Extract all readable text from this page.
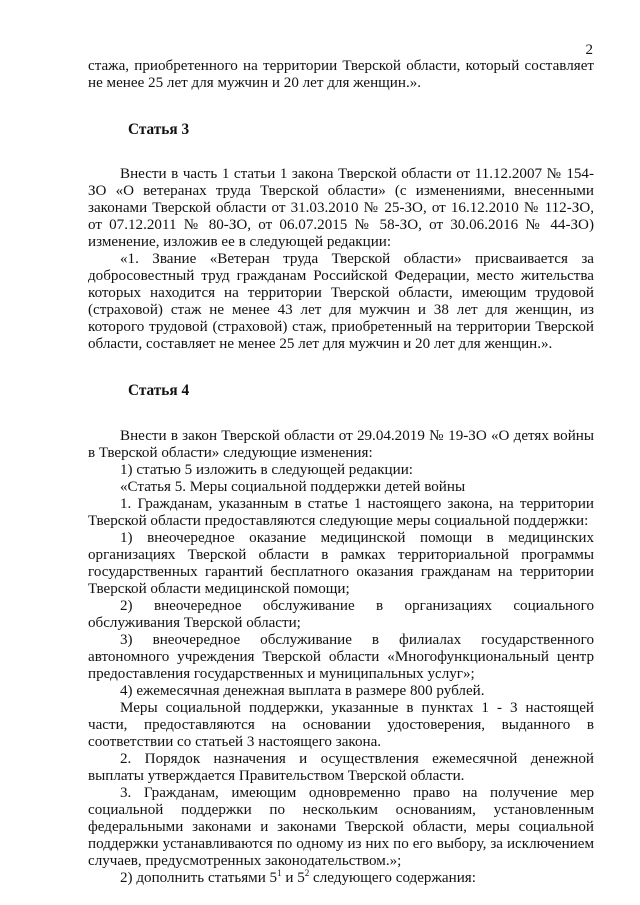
2

стажа, приобретенного на территории Тверской области, который составляет не менее 25 лет для мужчин и 20 лет для женщин.».

Статья 3

Внести в часть 1 статьи 1 закона Тверской области от 11.12.2007 № 154-ЗО «О ветеранах труда Тверской области» (с изменениями, внесенными законами Тверской области от 31.03.2010 № 25-ЗО, от 16.12.2010 № 112-ЗО, от 07.12.2011 № 80-ЗО, от 06.07.2015 № 58-ЗО, от 30.06.2016 № 44-ЗО) изменение, изложив ее в следующей редакции:

«1. Звание «Ветеран труда Тверской области» присваивается за добросовестный труд гражданам Российской Федерации, место жительства которых находится на территории Тверской области, имеющим трудовой (страховой) стаж не менее 43 лет для мужчин и 38 лет для женщин, из которого трудовой (страховой) стаж, приобретенный на территории Тверской области, составляет не менее 25 лет для мужчин и 20 лет для женщин.».

Статья 4

Внести в закон Тверской области от 29.04.2019 № 19-ЗО «О детях войны в Тверской области» следующие изменения:

1) статью 5 изложить в следующей редакции:

«Статья 5. Меры социальной поддержки детей войны

1. Гражданам, указанным в статье 1 настоящего закона, на территории Тверской области предоставляются следующие меры социальной поддержки:

1) внеочередное оказание медицинской помощи в медицинских организациях Тверской области в рамках территориальной программы государственных гарантий бесплатного оказания гражданам на территории Тверской области медицинской помощи;

2) внеочередное обслуживание в организациях социального обслуживания Тверской области;

3) внеочередное обслуживание в филиалах государственного автономного учреждения Тверской области «Многофункциональный центр предоставления государственных и муниципальных услуг»;

4) ежемесячная денежная выплата в размере 800 рублей.

Меры социальной поддержки, указанные в пунктах 1 - 3 настоящей части, предоставляются на основании удостоверения, выданного в соответствии со статьей 3 настоящего закона.

2. Порядок назначения и осуществления ежемесячной денежной выплаты утверждается Правительством Тверской области.

3. Гражданам, имеющим одновременно право на получение мер социальной поддержки по нескольким основаниям, установленным федеральными законами и законами Тверской области, меры социальной поддержки устанавливаются по одному из них по его выбору, за исключением случаев, предусмотренных законодательством.»;

2) дополнить статьями $5^1$ и $5^2$ следующего содержания:
